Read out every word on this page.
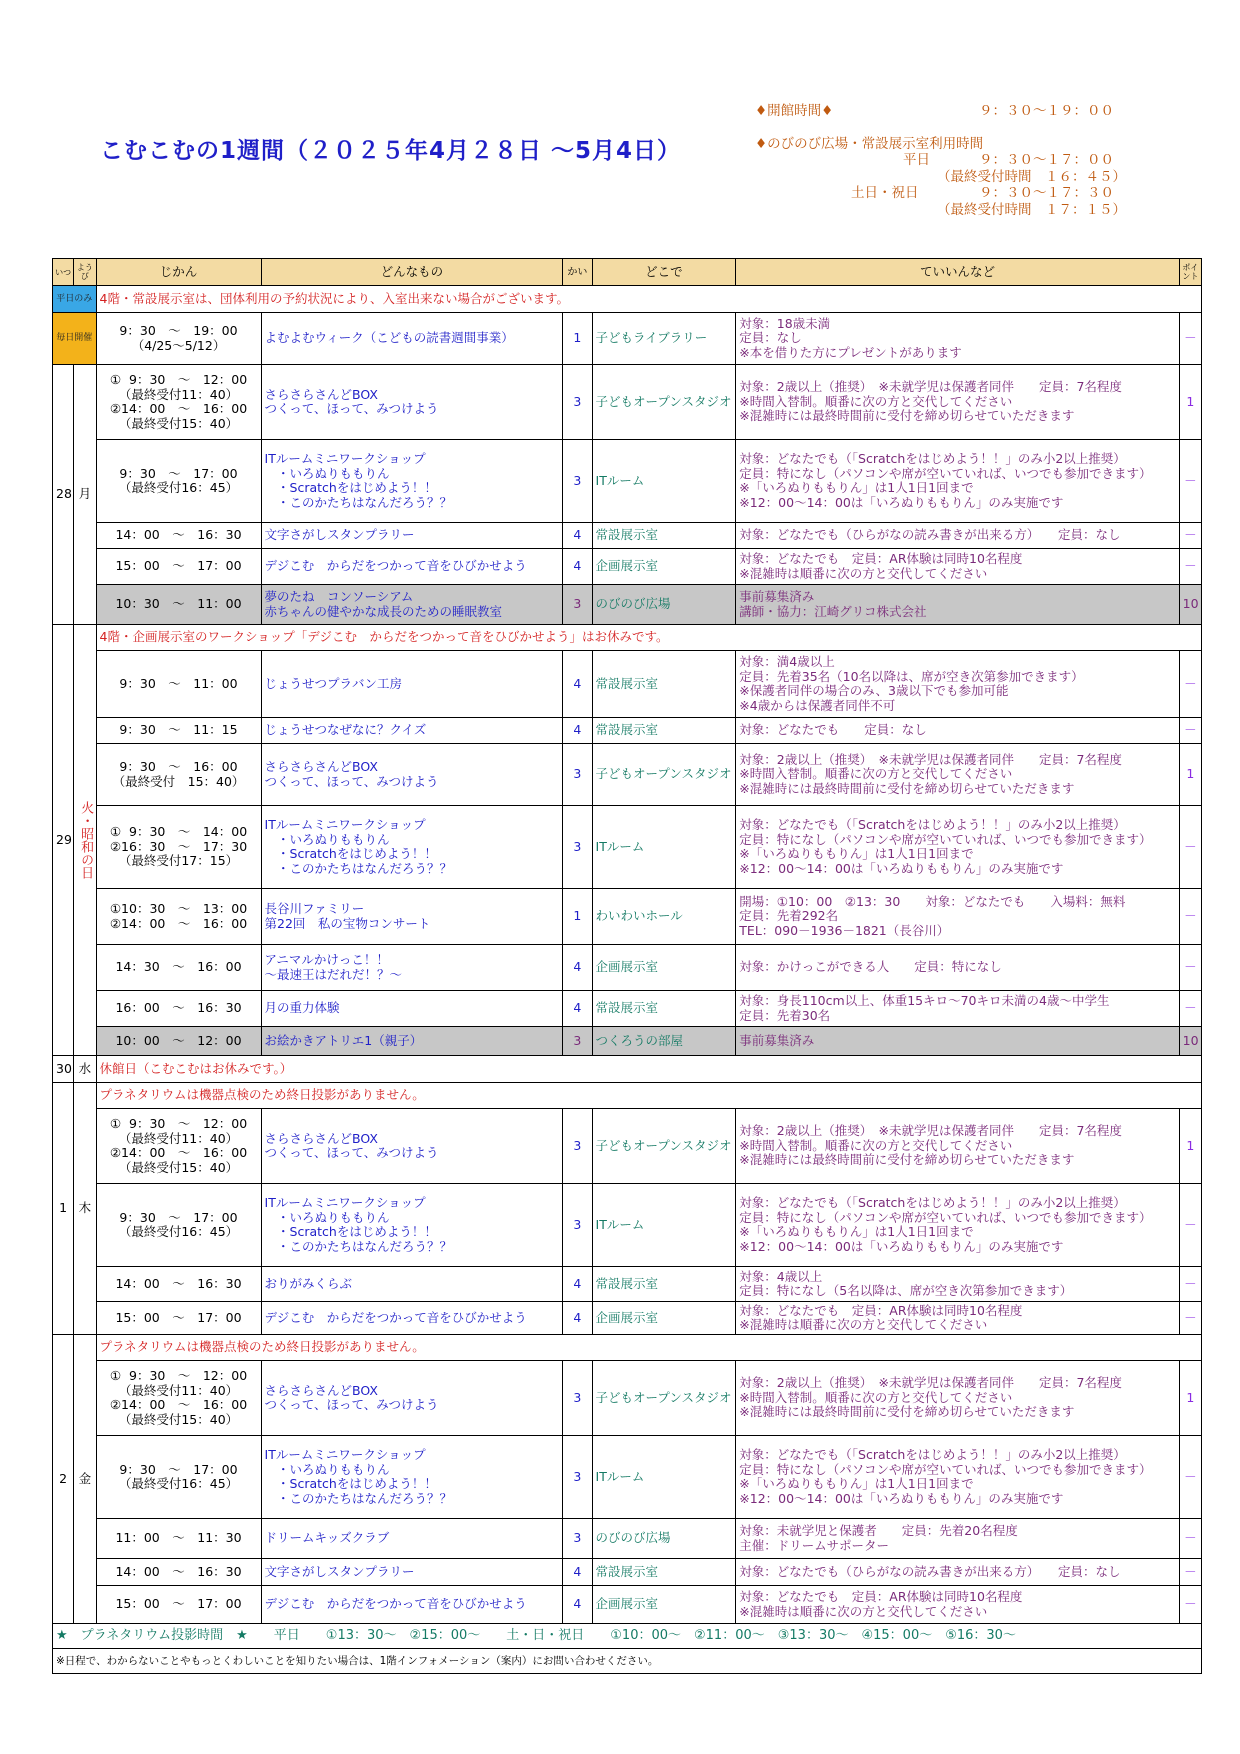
こむこむの1週間（２０２５年4月２８日 ～5月4日）
♦開館時間♦	９：３０～１９：００
♦のびのび広場・常設展示室利用時間
平日	９：３０～１７：００
（最終受付時間　１６：４５）
土日・祝日	９：３０～１７：３０
（最終受付時間　１７：１５）
いつ	ようび	じかん	どんなもの	かい	どこで	ていいんなど	ポイント
平日のみ		4階・常設展示室は、団体利用の予約状況により、入室出来ない場合がございます。					
毎日開催		9：30　～　19：00
（4/25～5/12）	よむよむウィーク（こどもの読書週間事業）	1	子どもライブラリー	対象：18歳未満
定員：なし
※本を借りた方にプレゼントがあります	－
28	月	①  9：30　～　12：00
（最終受付11：40）
②14：00　～　16：00
（最終受付15：40）	さらさらさんどBOX
つくって、ほって、みつけよう	3	子どもオープンスタジオ	対象：2歳以上（推奨）　※未就学児は保護者同伴　　定員：7名程度
※時間入替制。順番に次の方と交代してください
※混雑時には最終時間前に受付を締め切らせていただきます	1
		9：30　～　17：00
（最終受付16：45）	ITルームミニワークショップ
　・いろぬりももりん
　・Scratchをはじめよう！！
　・このかたちはなんだろう？？	3	ITルーム	対象：どなたでも（「Scratchをはじめよう！！」のみ小2以上推奨）
定員：特になし（パソコンや席が空いていれば、いつでも参加できます）
※「いろぬりももりん」は1人1日1回まで
※12：00～14：00は「いろぬりももりん」のみ実施です	－
		14：00　～　16：30	文字さがしスタンプラリー	4	常設展示室	対象：どなたでも（ひらがなの読み書きが出来る方）　　定員：なし	－
		15：00　～　17：00	デジこむ　からだをつかって音をひびかせよう	4	企画展示室	対象：どなたでも　定員：AR体験は同時10名程度
※混雑時は順番に次の方と交代してください	－
		10：30　～　11：00	夢のたね　コンソーシアム
赤ちゃんの健やかな成長のための睡眠教室	3	のびのび広場	事前募集済み
講師・協力：江崎グリコ株式会社	10
29	火・昭和の日	4階・企画展示室のワークショップ「デジこむ　からだをつかって音をひびかせよう」はお休みです。					
		9：30　～　11：00	じょうせつプラバン工房	4	常設展示室	対象：満4歳以上
定員：先着35名（10名以降は、席が空き次第参加できます）
※保護者同伴の場合のみ、3歳以下でも参加可能
※4歳からは保護者同伴不可	－
		9：30　～　11：15	じょうせつなぜなに？クイズ	4	常設展示室	対象：どなたでも　　定員：なし	－
		9：30　～　16：00
（最終受付　15：40）	さらさらさんどBOX
つくって、ほって、みつけよう	3	子どもオープンスタジオ	対象：2歳以上（推奨）　※未就学児は保護者同伴　　定員：7名程度
※時間入替制。順番に次の方と交代してください
※混雑時には最終時間前に受付を締め切らせていただきます	1
		①  9：30　～　14：00
②16：30　～　17：30
（最終受付17：15）	ITルームミニワークショップ
　・いろぬりももりん
　・Scratchをはじめよう！！
　・このかたちはなんだろう？？	3	ITルーム	対象：どなたでも（「Scratchをはじめよう！！」のみ小2以上推奨）
定員：特になし（パソコンや席が空いていれば、いつでも参加できます）
※「いろぬりももりん」は1人1日1回まで
※12：00～14：00は「いろぬりももりん」のみ実施です	－
		①10：30　～　13：00
②14：00　～　16：00	長谷川ファミリー
第22回　私の宝物コンサート	1	わいわいホール	開場：①10：00　②13：30　　対象：どなたでも　　入場料：無料
定員：先着292名
TEL：090－1936－1821（長谷川）	－
		14：30　～　16：00	アニマルかけっこ！！
～最速王はだれだ！？～	4	企画展示室	対象：かけっこができる人　　定員：特になし	－
		16：00　～　16：30	月の重力体験	4	常設展示室	対象：身長110cm以上、体重15キロ～70キロ未満の4歳～中学生
定員：先着30名	－
		10：00　～　12：00	お絵かきアトリエ1（親子）	3	つくろうの部屋	事前募集済み	10
30	水	休館日（こむこむはお休みです。）					
1	木	プラネタリウムは機器点検のため終日投影がありません。					
		①  9：30　～　12：00
（最終受付11：40）
②14：00　～　16：00
（最終受付15：40）	さらさらさんどBOX
つくって、ほって、みつけよう	3	子どもオープンスタジオ	対象：2歳以上（推奨）　※未就学児は保護者同伴　　定員：7名程度
※時間入替制。順番に次の方と交代してください
※混雑時には最終時間前に受付を締め切らせていただきます	1
		9：30　～　17：00
（最終受付16：45）	ITルームミニワークショップ
　・いろぬりももりん
　・Scratchをはじめよう！！
　・このかたちはなんだろう？？	3	ITルーム	対象：どなたでも（「Scratchをはじめよう！！」のみ小2以上推奨）
定員：特になし（パソコンや席が空いていれば、いつでも参加できます）
※「いろぬりももりん」は1人1日1回まで
※12：00～14：00は「いろぬりももりん」のみ実施です	－
		14：00　～　16：30	おりがみくらぶ	4	常設展示室	対象：4歳以上
定員：特になし（5名以降は、席が空き次第参加できます）	－
		15：00　～　17：00	デジこむ　からだをつかって音をひびかせよう	4	企画展示室	対象：どなたでも　定員：AR体験は同時10名程度
※混雑時は順番に次の方と交代してください	－
2	金	プラネタリウムは機器点検のため終日投影がありません。					
		①  9：30　～　12：00
（最終受付11：40）
②14：00　～　16：00
（最終受付15：40）	さらさらさんどBOX
つくって、ほって、みつけよう	3	子どもオープンスタジオ	対象：2歳以上（推奨）　※未就学児は保護者同伴　　定員：7名程度
※時間入替制。順番に次の方と交代してください
※混雑時には最終時間前に受付を締め切らせていただきます	1
		9：30　～　17：00
（最終受付16：45）	ITルームミニワークショップ
　・いろぬりももりん
　・Scratchをはじめよう！！
　・このかたちはなんだろう？？	3	ITルーム	対象：どなたでも（「Scratchをはじめよう！！」のみ小2以上推奨）
定員：特になし（パソコンや席が空いていれば、いつでも参加できます）
※「いろぬりももりん」は1人1日1回まで
※12：00～14：00は「いろぬりももりん」のみ実施です	－
		11：00　～　11：30	ドリームキッズクラブ	3	のびのび広場	対象：未就学児と保護者　　定員：先着20名程度
主催：ドリームサポーター	－
		14：00　～　16：30	文字さがしスタンプラリー	4	常設展示室	対象：どなたでも（ひらがなの読み書きが出来る方）　　定員：なし	－
		15：00　～　17：00	デジこむ　からだをつかって音をひびかせよう	4	企画展示室	対象：どなたでも　定員：AR体験は同時10名程度
※混雑時は順番に次の方と交代してください	－
★　プラネタリウム投影時間　★　　平日　　①13：30～　②15：00～　　土・日・祝日　　①10：00～　②11：00～　③13：30～　④15：00～　⑤16：30～							
※日程で、わからないことやもっとくわしいことを知りたい場合は、1階インフォメーション（案内）にお問い合わせください。							
